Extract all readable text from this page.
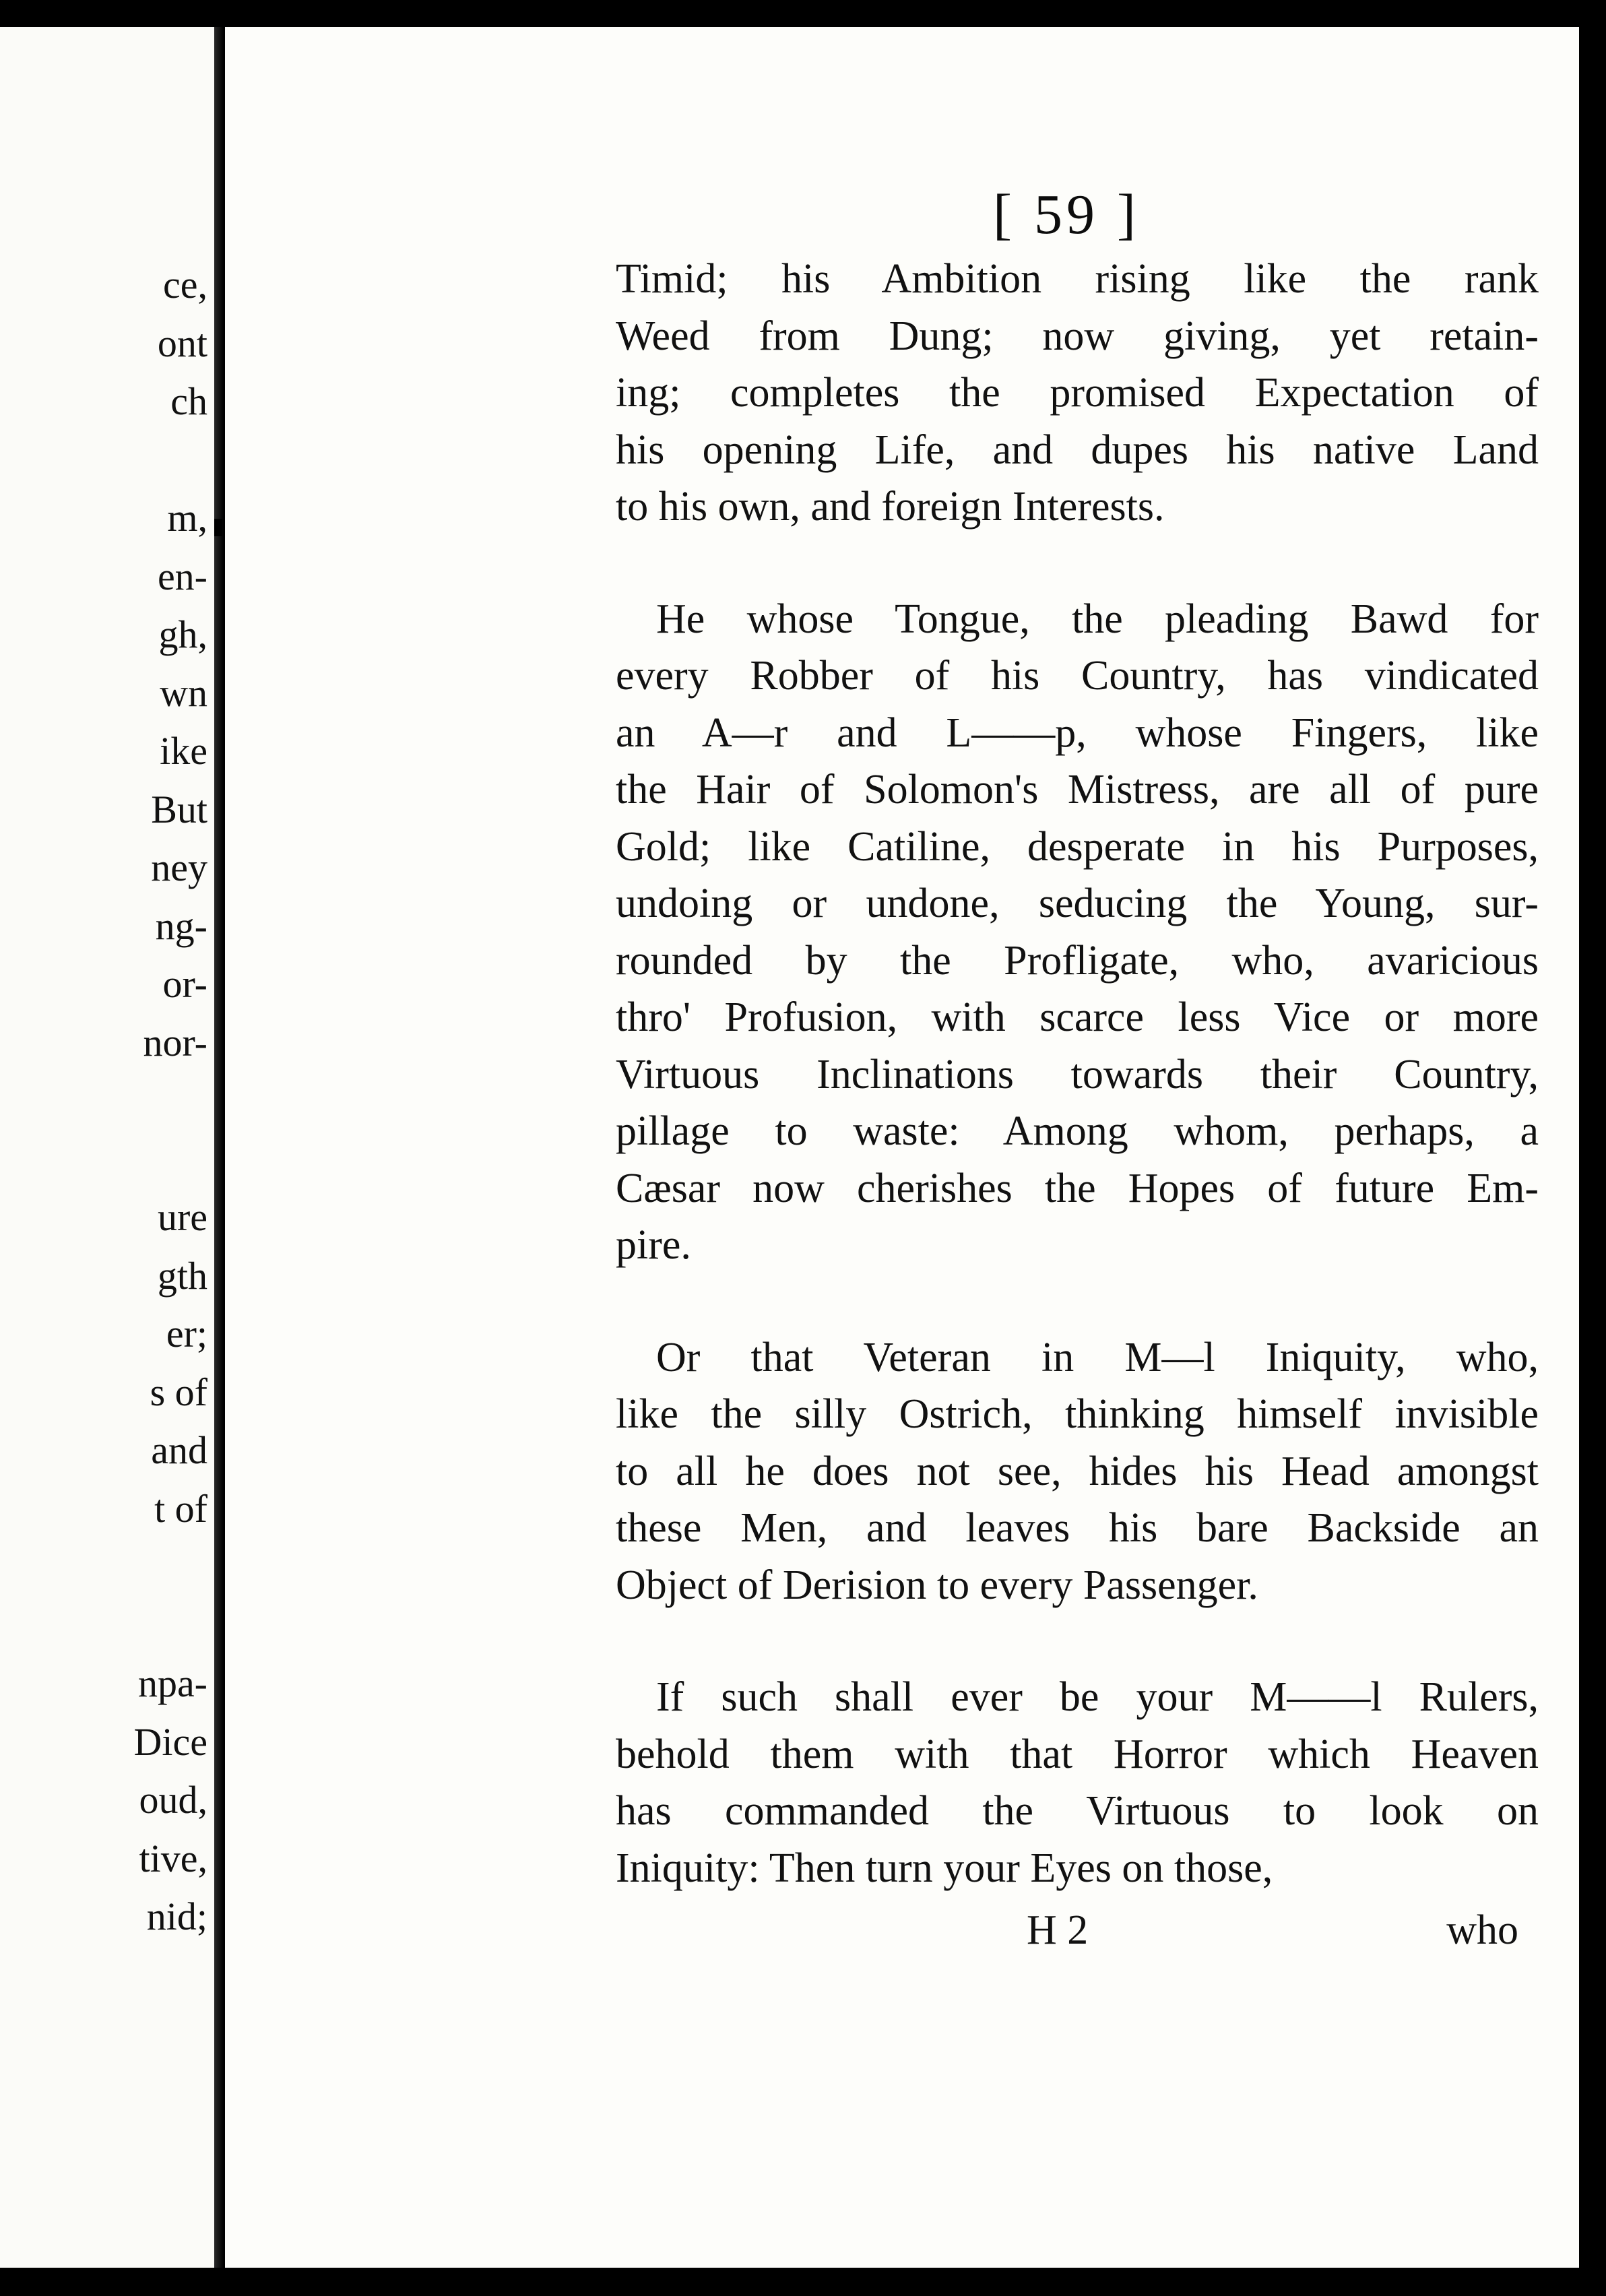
ce,
ont
ch
m,
en-
gh,
wn
ike
But
ney
ng-
or-
nor-
ure
gth
er;
s of
and
t of
npa-
Dice
oud,
tive,
nid;
[ 59 ]
Timid; his Ambition rising like the rank
Weed from Dung; now giving, yet retain-
ing; completes the promised Expectation of
his opening Life, and dupes his native Land
to his own, and foreign Interests.
He whose Tongue, the pleading Bawd for
every Robber of his Country, has vindicated
an A—r and L——p, whose Fingers, like
the Hair of Solomon's Mistress, are all of pure
Gold; like Catiline, desperate in his Purposes,
undoing or undone, seducing the Young, sur-
rounded by the Profligate, who, avaricious
thro' Profusion, with scarce less Vice or more
Virtuous Inclinations towards their Country,
pillage to waste: Among whom, perhaps, a
Cæsar now cherishes the Hopes of future Em-
pire.
Or that Veteran in M—l Iniquity, who,
like the silly Ostrich, thinking himself invisible
to all he does not see, hides his Head amongst
these Men, and leaves his bare Backside an
Object of Derision to every Passenger.
If such shall ever be your M——l Rulers,
behold them with that Horror which Heaven
has commanded the Virtuous to look on
Iniquity: Then turn your Eyes on those,
H 2	who
